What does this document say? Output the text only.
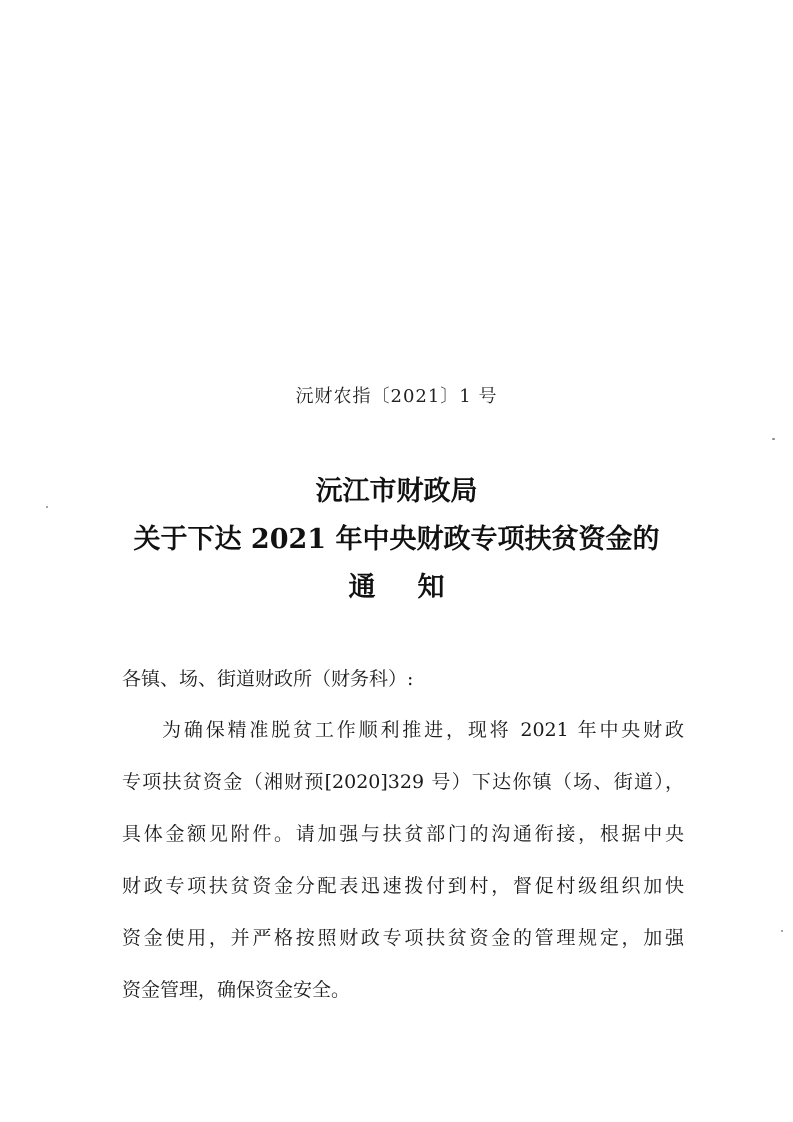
沅财农指〔2021〕1 号
沅江市财政局
关于下达 2021 年中央财政专项扶贫资金的
通知
各镇、场、街道财政所（财务科）:
为确保精准脱贫工作顺利推进，现将 2021 年中央财政
专项扶贫资金（湘财预[2020]329 号）下达你镇（场、街道），
具体金额见附件。请加强与扶贫部门的沟通衔接，根据中央
财政专项扶贫资金分配表迅速拨付到村，督促村级组织加快
资金使用，并严格按照财政专项扶贫资金的管理规定，加强
资金管理，确保资金安全。
